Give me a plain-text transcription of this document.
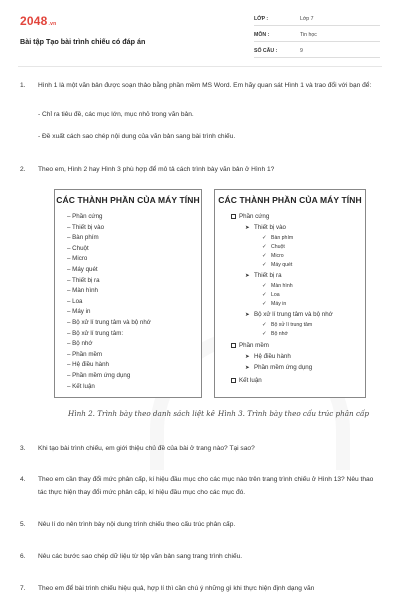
2048.vn
Bài tập Tạo bài trình chiếu có đáp án
LỚP :	Lớp 7
MÔN :	Tin học
SỐ CÂU :	9
1. Hình 1 là một văn bản được soạn thảo bằng phần mềm MS Word. Em hãy quan sát Hình 1 và trao đổi với bạn để:
- Chỉ ra tiêu đề, các mục lớn, mục nhỏ trong văn bản.
- Đề xuất cách sao chép nội dung của văn bản sang bài trình chiếu.
2. Theo em, Hình 2 hay Hình 3 phù hợp để mô tả cách trình bày văn bản ở Hình 1?
CÁC THÀNH PHẦN CỦA MÁY TÍNH
– Phần cứng
– Thiết bị vào
– Bàn phím
– Chuột
– Micro
– Máy quét
– Thiết bị ra
– Màn hình
– Loa
– Máy in
– Bộ xử lí trung tâm và bộ nhớ
– Bộ xử lí trung tâm:
– Bộ nhớ
– Phần mềm
– Hệ điều hành
– Phần mềm ứng dụng
– Kết luận
Hình 2. Trình bày theo danh sách liệt kê
CÁC THÀNH PHẦN CỦA MÁY TÍNH
Phần cứng
➤ Thiết bị vào
✓ Bàn phím
✓ Chuột
✓ Micro
✓ Máy quét
➤ Thiết bị ra
✓ Màn hình
✓ Loa
✓ Máy in
➤ Bộ xử lí trung tâm và bộ nhớ
✓ Bộ xử lí trung tâm
✓ Bộ nhớ
Phần mềm
➤ Hệ điều hành
➤ Phần mềm ứng dụng
Kết luận
Hình 3. Trình bày theo cấu trúc phân cấp
3. Khi tạo bài trình chiếu, em giới thiệu chủ đề của bài ở trang nào? Tại sao?
4. Theo em cần thay đổi mức phân cấp, kí hiệu đầu mục cho các mục nào trên trang trình chiếu ở Hình 13? Nêu thao tác thực hiện thay đổi mức phân cấp, kí hiệu đầu mục cho các mục đó.
5. Nêu lí do nên trình bày nội dung trình chiếu theo cấu trúc phân cấp.
6. Nêu các bước sao chép dữ liệu từ tệp văn bản sang trang trình chiếu.
7. Theo em để bài trình chiếu hiệu quả, hợp lí thì cần chú ý những gì khi thực hiện định dạng văn
